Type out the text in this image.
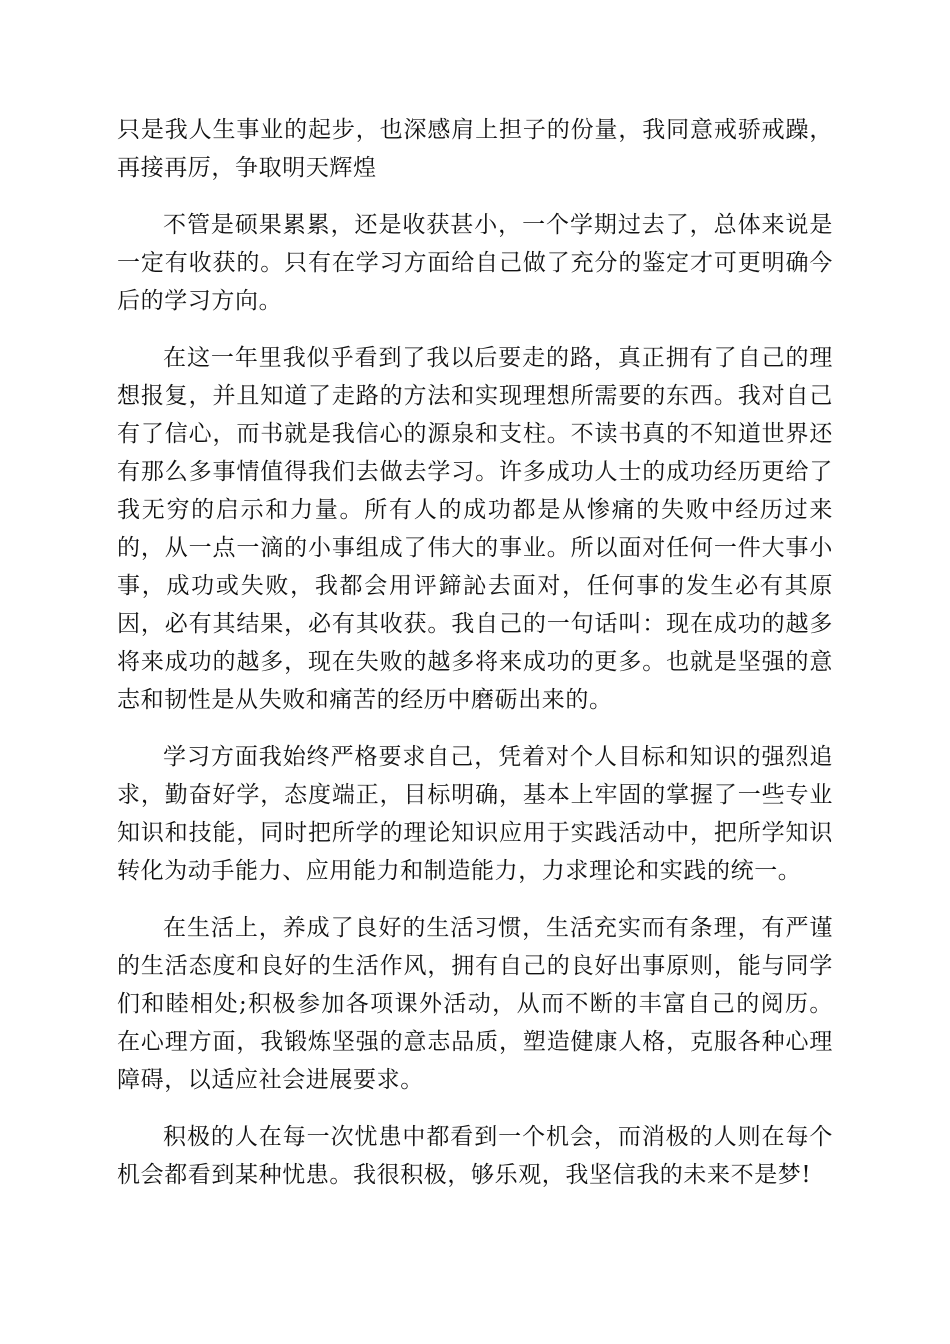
只是我人生事业的起步，也深感肩上担子的份量，我同意戒骄戒躁，再接再厉，争取明天辉煌

不管是硕果累累，还是收获甚小，一个学期过去了，总体来说是一定有收获的。只有在学习方面给自己做了充分的鉴定才可更明确今后的学习方向。

在这一年里我似乎看到了我以后要走的路，真正拥有了自己的理想报复，并且知道了走路的方法和实现理想所需要的东西。我对自己有了信心，而书就是我信心的源泉和支柱。不读书真的不知道世界还有那么多事情值得我们去做去学习。许多成功人士的成功经历更给了我无穷的启示和力量。所有人的成功都是从惨痛的失败中经历过来的，从一点一滴的小事组成了伟大的事业。所以面对任何一件大事小事，成功或失败，我都会用评鍗訫去面对，任何事的发生必有其原因，必有其结果，必有其收获。我自己的一句话叫：现在成功的越多将来成功的越多，现在失败的越多将来成功的更多。也就是坚强的意志和韧性是从失败和痛苦的经历中磨砺出来的。

学习方面我始终严格要求自己，凭着对个人目标和知识的强烈追求，勤奋好学，态度端正，目标明确，基本上牢固的掌握了一些专业知识和技能，同时把所学的理论知识应用于实践活动中，把所学知识转化为动手能力、应用能力和制造能力，力求理论和实践的统一。

在生活上，养成了良好的生活习惯，生活充实而有条理，有严谨的生活态度和良好的生活作风，拥有自己的良好出事原则，能与同学们和睦相处;积极参加各项课外活动，从而不断的丰富自己的阅历。在心理方面，我锻炼坚强的意志品质，塑造健康人格，克服各种心理障碍，以适应社会进展要求。

积极的人在每一次忧患中都看到一个机会，而消极的人则在每个机会都看到某种忧患。我很积极，够乐观，我坚信我的未来不是梦!
